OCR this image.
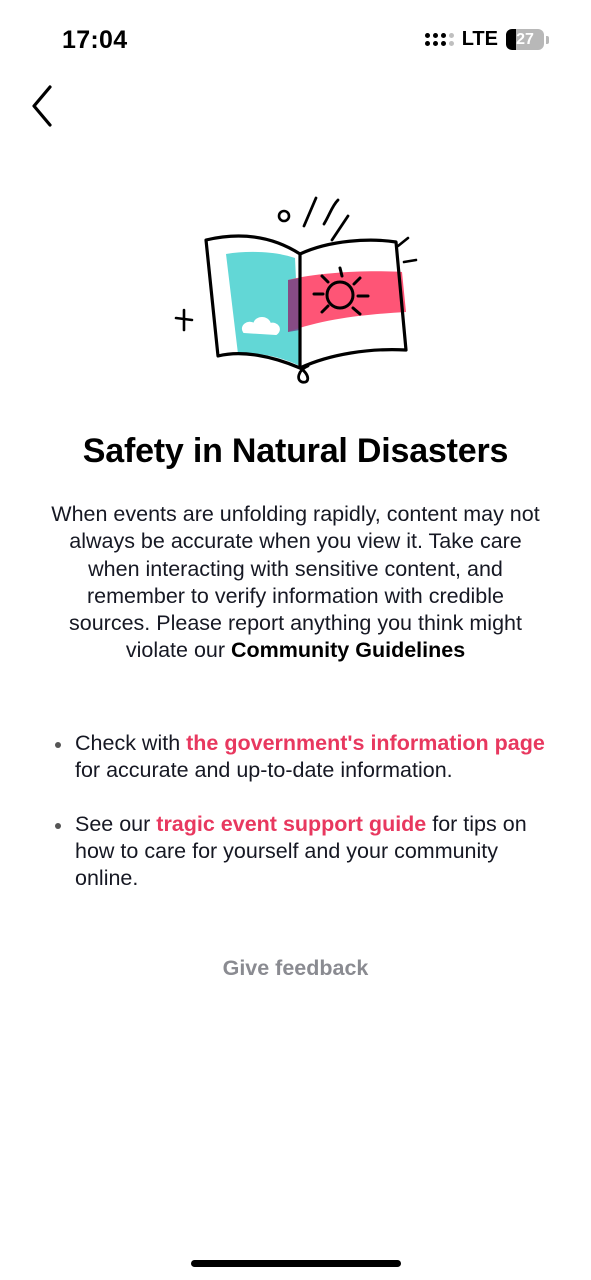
17:04	LTE 27
Safety in Natural Disasters

When events are unfolding rapidly, content may not always be accurate when you view it. Take care when interacting with sensitive content, and remember to verify information with credible sources. Please report anything you think might violate our Community Guidelines

Check with the government's information page for accurate and up-to-date information.
See our tragic event support guide for tips on how to care for yourself and your community online.
Give feedback
